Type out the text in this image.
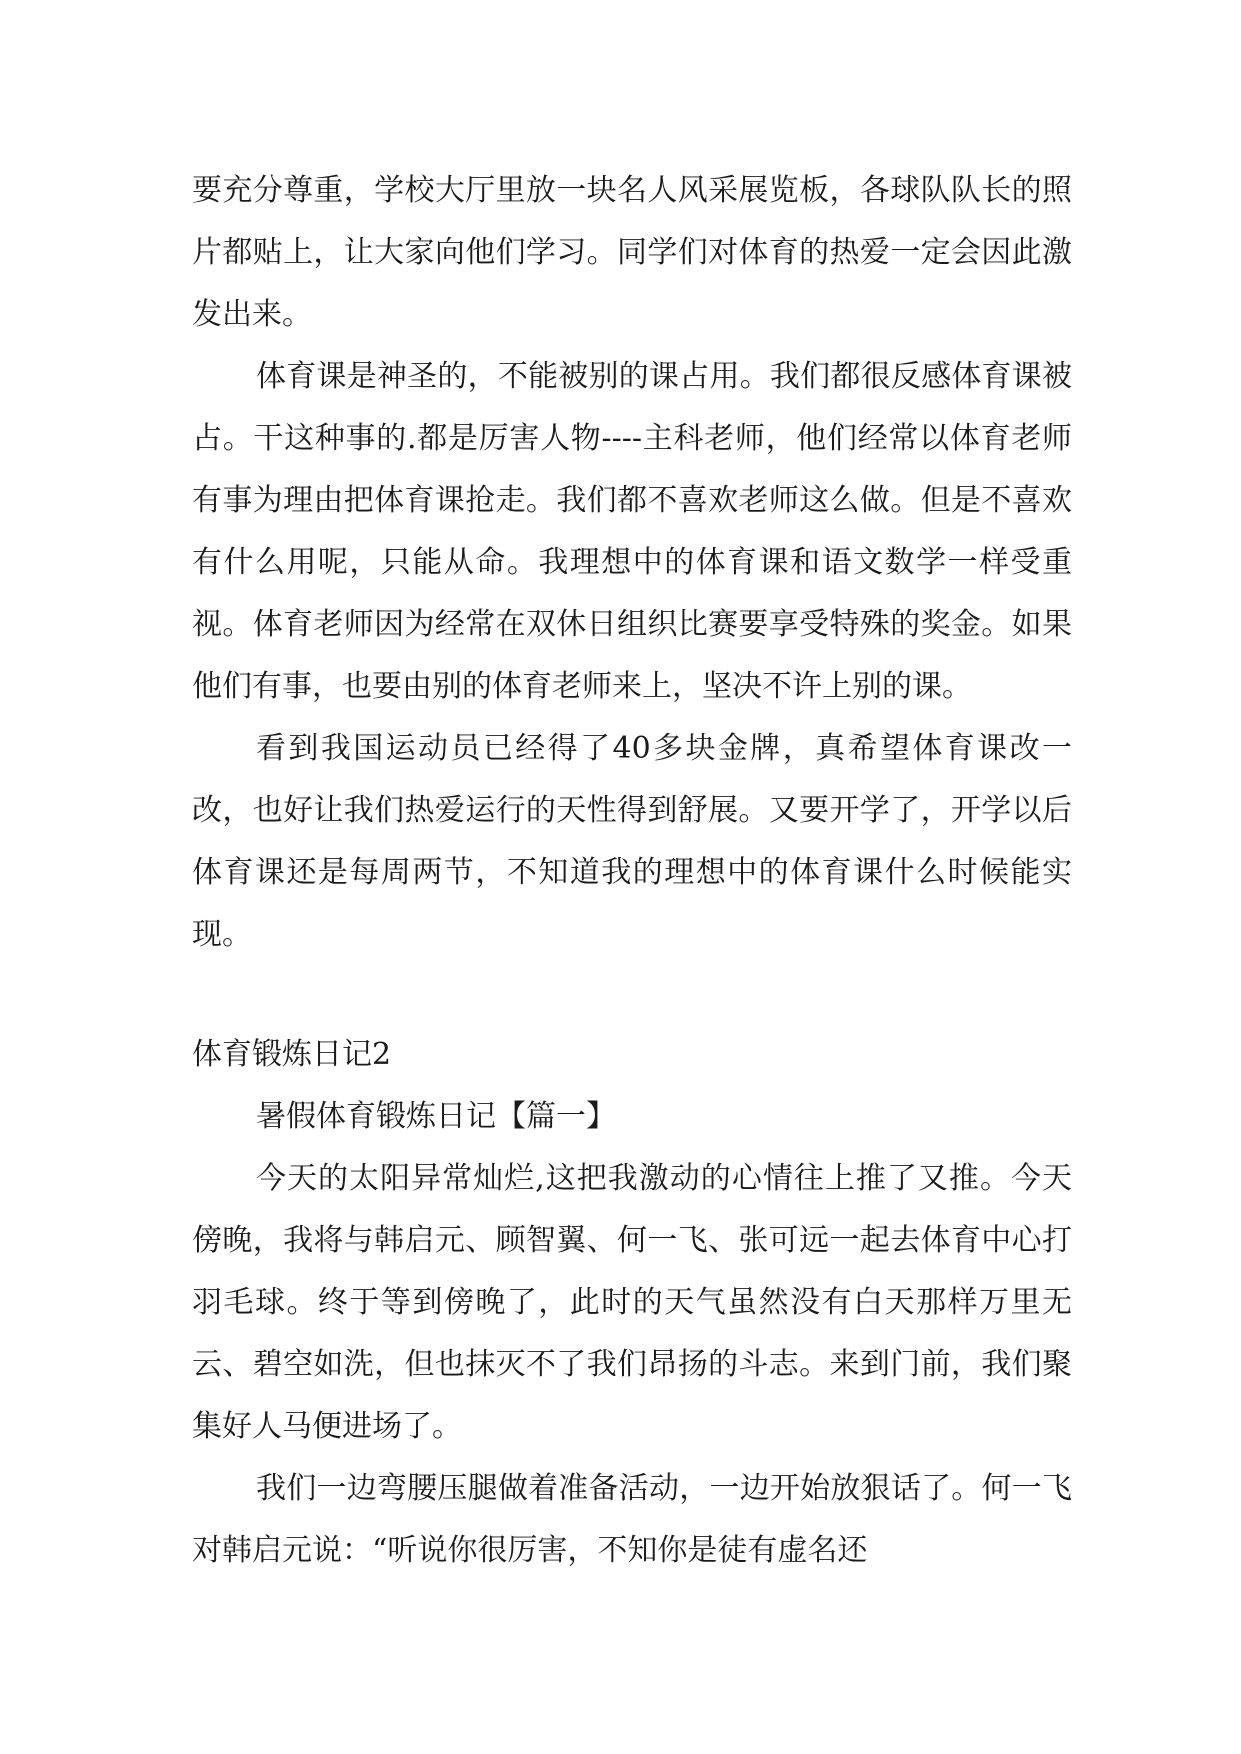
要充分尊重，学校大厅里放一块名人风采展览板，各球队队长的照片都贴上，让大家向他们学习。同学们对体育的热爱一定会因此激发出来。

体育课是神圣的，不能被别的课占用。我们都很反感体育课被占。干这种事的.都是厉害人物----主科老师，他们经常以体育老师有事为理由把体育课抢走。我们都不喜欢老师这么做。但是不喜欢有什么用呢，只能从命。我理想中的体育课和语文数学一样受重视。体育老师因为经常在双休日组织比赛要享受特殊的奖金。如果他们有事，也要由别的体育老师来上，坚决不许上别的课。

看到我国运动员已经得了40多块金牌，真希望体育课改一改，也好让我们热爱运行的天性得到舒展。又要开学了，开学以后体育课还是每周两节，不知道我的理想中的体育课什么时候能实现。

体育锻炼日记2

暑假体育锻炼日记【篇一】

今天的太阳异常灿烂,这把我激动的心情往上推了又推。今天傍晚，我将与韩启元、顾智翼、何一飞、张可远一起去体育中心打羽毛球。终于等到傍晚了，此时的天气虽然没有白天那样万里无云、碧空如洗，但也抹灭不了我们昂扬的斗志。来到门前，我们聚集好人马便进场了。

我们一边弯腰压腿做着准备活动，一边开始放狠话了。何一飞对韩启元说：“听说你很厉害，不知你是徒有虚名还
